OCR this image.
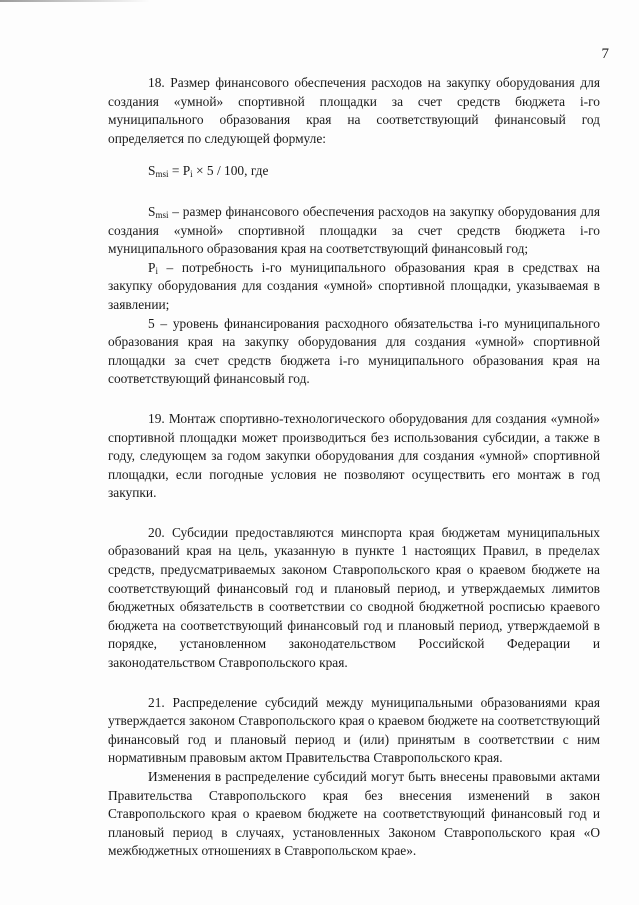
7

18. Размер финансового обеспечения расходов на закупку оборудования для создания «умной» спортивной площадки за счет средств бюджета i-го муниципального образования края на соответствующий финансовый год определяется по следующей формуле:

$S_{msi} = P_i \times 5 / 100$, где

$S_{msi}$ – размер финансового обеспечения расходов на закупку оборудования для создания «умной» спортивной площадки за счет средств бюджета i-го муниципального образования края на соответствующий финансовый год;

$P_i$ – потребность i-го муниципального образования края в средствах на закупку оборудования для создания «умной» спортивной площадки, указываемая в заявлении;

5 – уровень финансирования расходного обязательства i-го муниципального образования края на закупку оборудования для создания «умной» спортивной площадки за счет средств бюджета i-го муниципального образования края на соответствующий финансовый год.

19. Монтаж спортивно-технологического оборудования для создания «умной» спортивной площадки может производиться без использования субсидии, а также в году, следующем за годом закупки оборудования для создания «умной» спортивной площадки, если погодные условия не позволяют осуществить его монтаж в год закупки.

20. Субсидии предоставляются минспорта края бюджетам муниципальных образований края на цель, указанную в пункте 1 настоящих Правил, в пределах средств, предусматриваемых законом Ставропольского края о краевом бюджете на соответствующий финансовый год и плановый период, и утверждаемых лимитов бюджетных обязательств в соответствии со сводной бюджетной росписью краевого бюджета на соответствующий финансовый год и плановый период, утверждаемой в порядке, установленном законодательством Российской Федерации и законодательством Ставропольского края.

21. Распределение субсидий между муниципальными образованиями края утверждается законом Ставропольского края о краевом бюджете на соответствующий финансовый год и плановый период и (или) принятым в соответствии с ним нормативным правовым актом Правительства Ставропольского края.

Изменения в распределение субсидий могут быть внесены правовыми актами Правительства Ставропольского края без внесения изменений в закон Ставропольского края о краевом бюджете на соответствующий финансовый год и плановый период в случаях, установленных Законом Ставропольского края «О межбюджетных отношениях в Ставропольском крае».
